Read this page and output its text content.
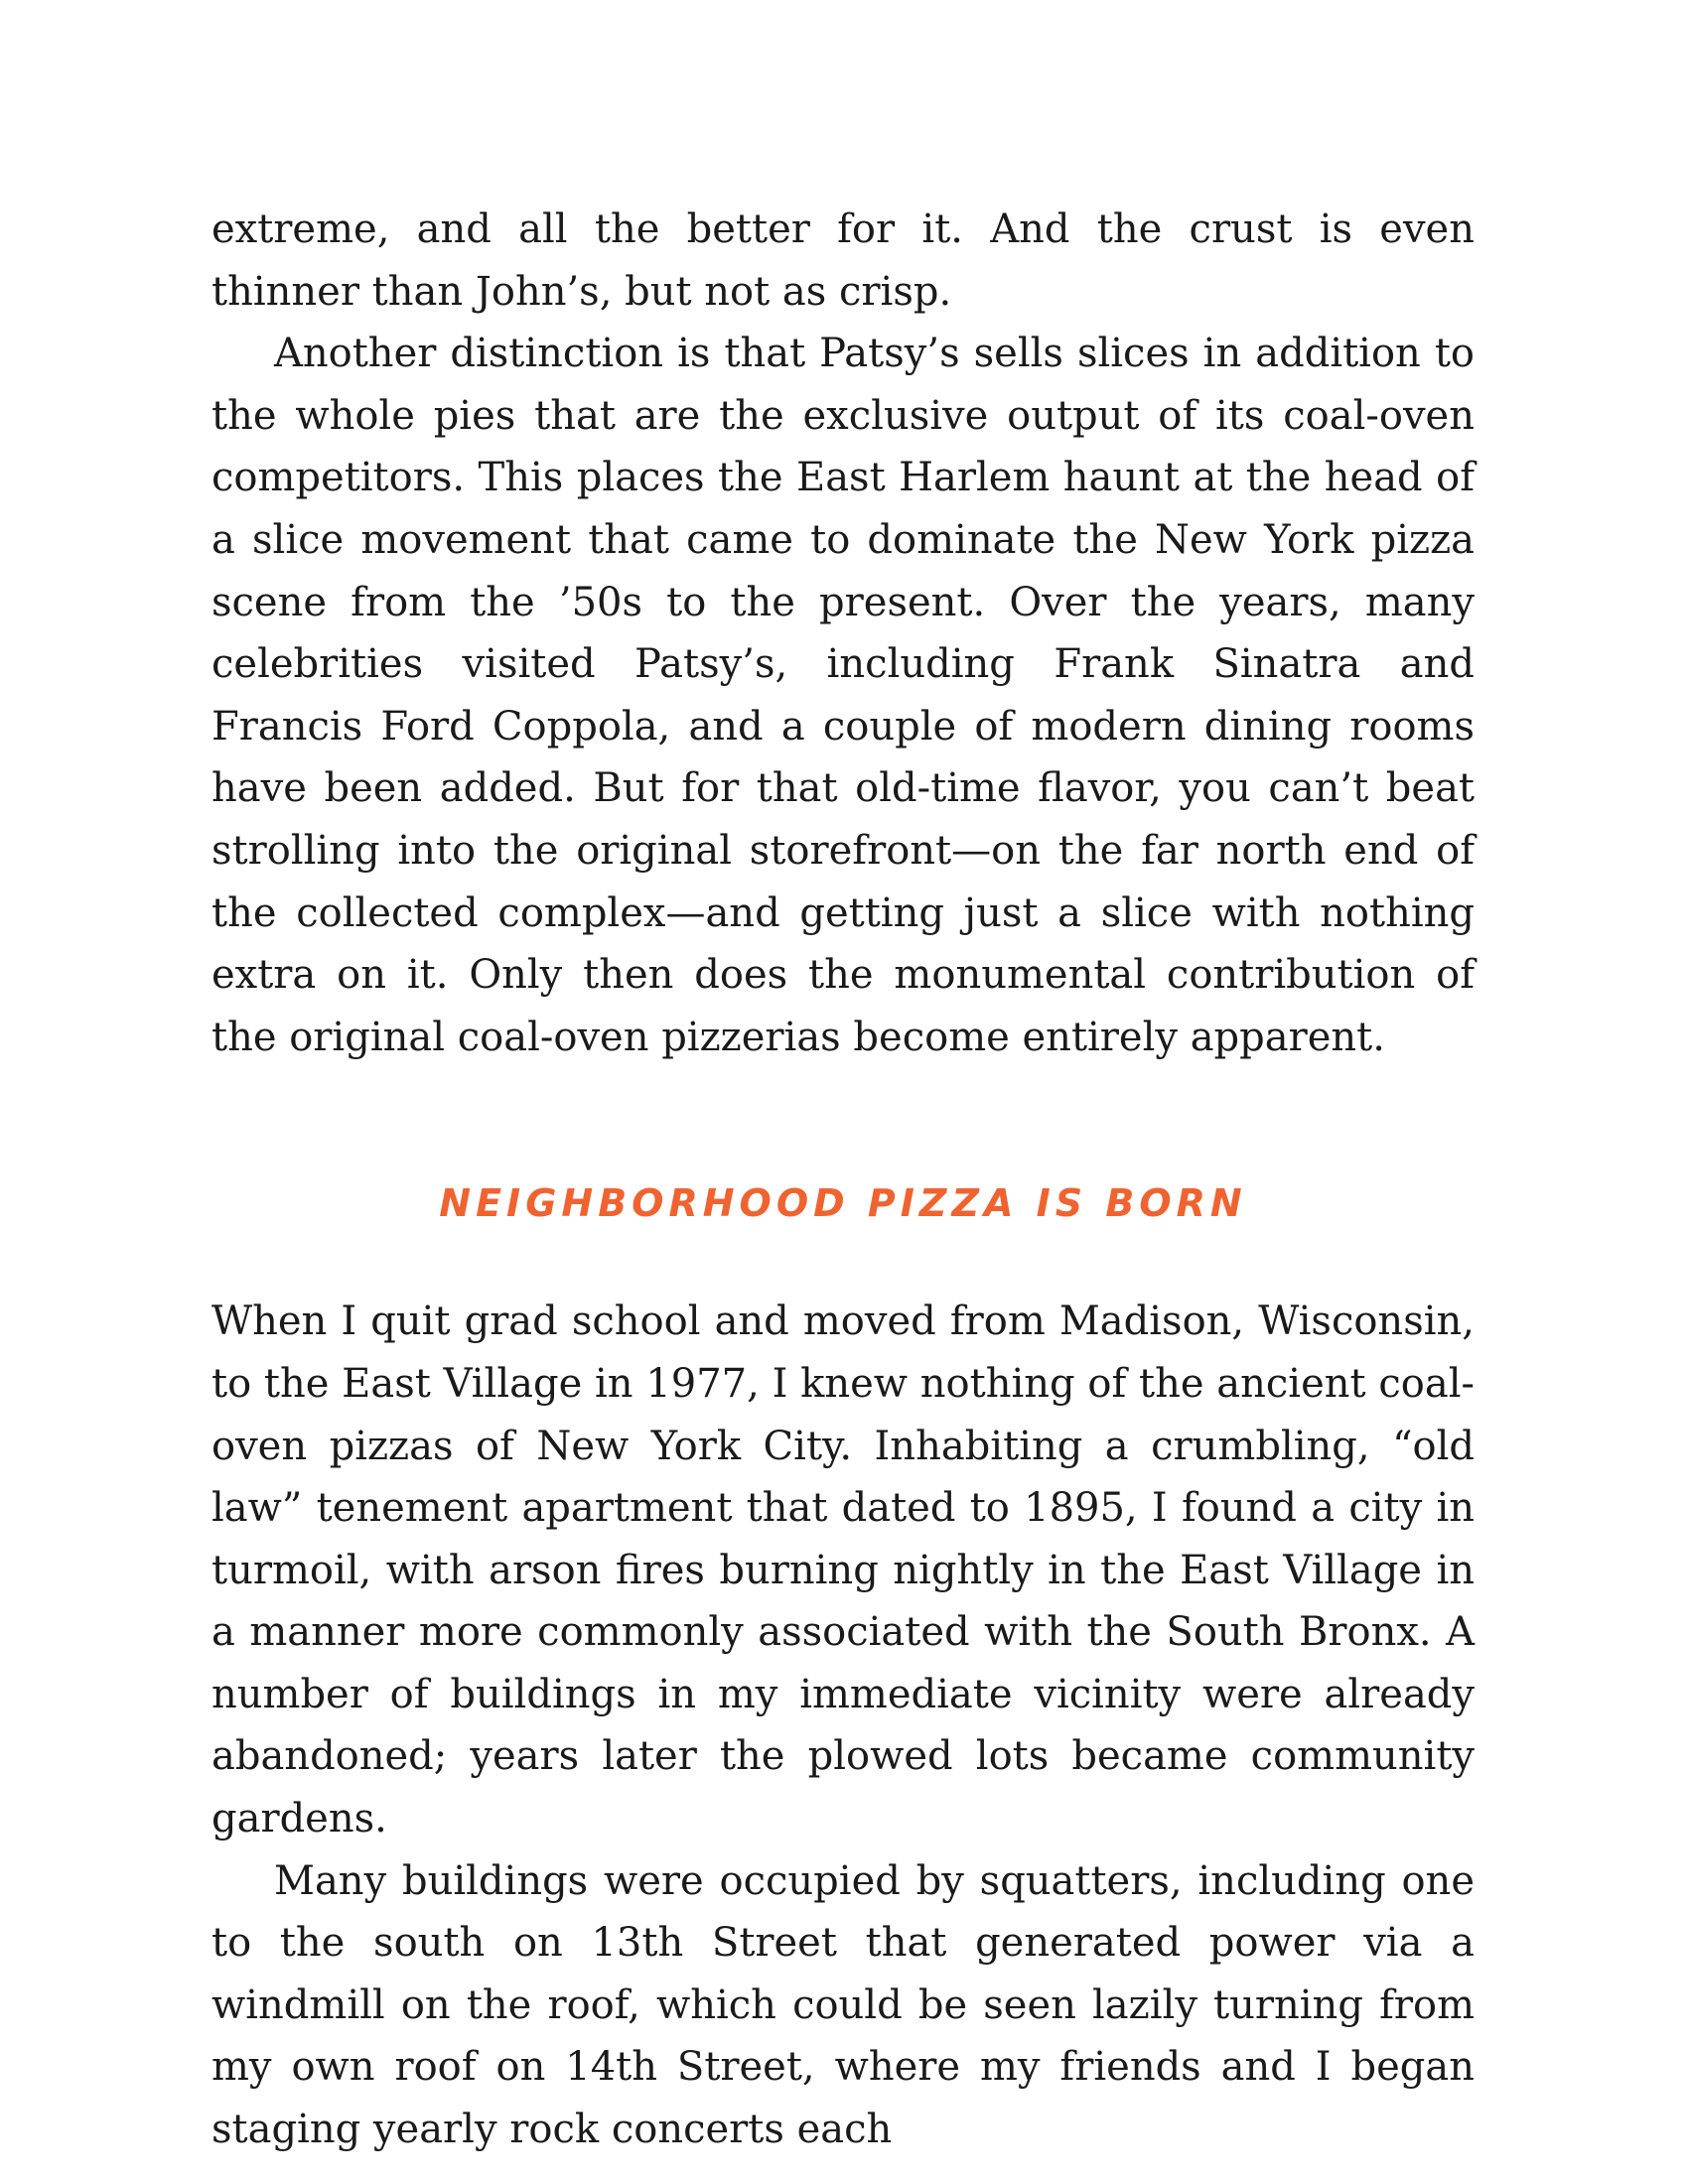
extreme, and all the better for it. And the crust is even thinner than John’s, but not as crisp.

Another distinction is that Patsy’s sells slices in addition to the whole pies that are the exclusive output of its coal-oven competitors. This places the East Harlem haunt at the head of a slice movement that came to dominate the New York pizza scene from the ’50s to the present. Over the years, many celebrities visited Patsy’s, including Frank Sinatra and Francis Ford Coppola, and a couple of modern dining rooms have been added. But for that old-time flavor, you can’t beat strolling into the original storefront—on the far north end of the collected complex—and getting just a slice with nothing extra on it. Only then does the monumental contribution of the original coal-oven pizzerias become entirely apparent.

NEIGHBORHOOD PIZZA IS BORN

When I quit grad school and moved from Madison, Wisconsin, to the East Village in 1977, I knew nothing of the ancient coal-oven pizzas of New York City. Inhabiting a crumbling, “old law” tenement apartment that dated to 1895, I found a city in turmoil, with arson fires burning nightly in the East Village in a manner more commonly associated with the South Bronx. A number of buildings in my immediate vicinity were already abandoned; years later the plowed lots became community gardens.

Many buildings were occupied by squatters, including one to the south on 13th Street that generated power via a windmill on the roof, which could be seen lazily turning from my own roof on 14th Street, where my friends and I began staging yearly rock concerts each
